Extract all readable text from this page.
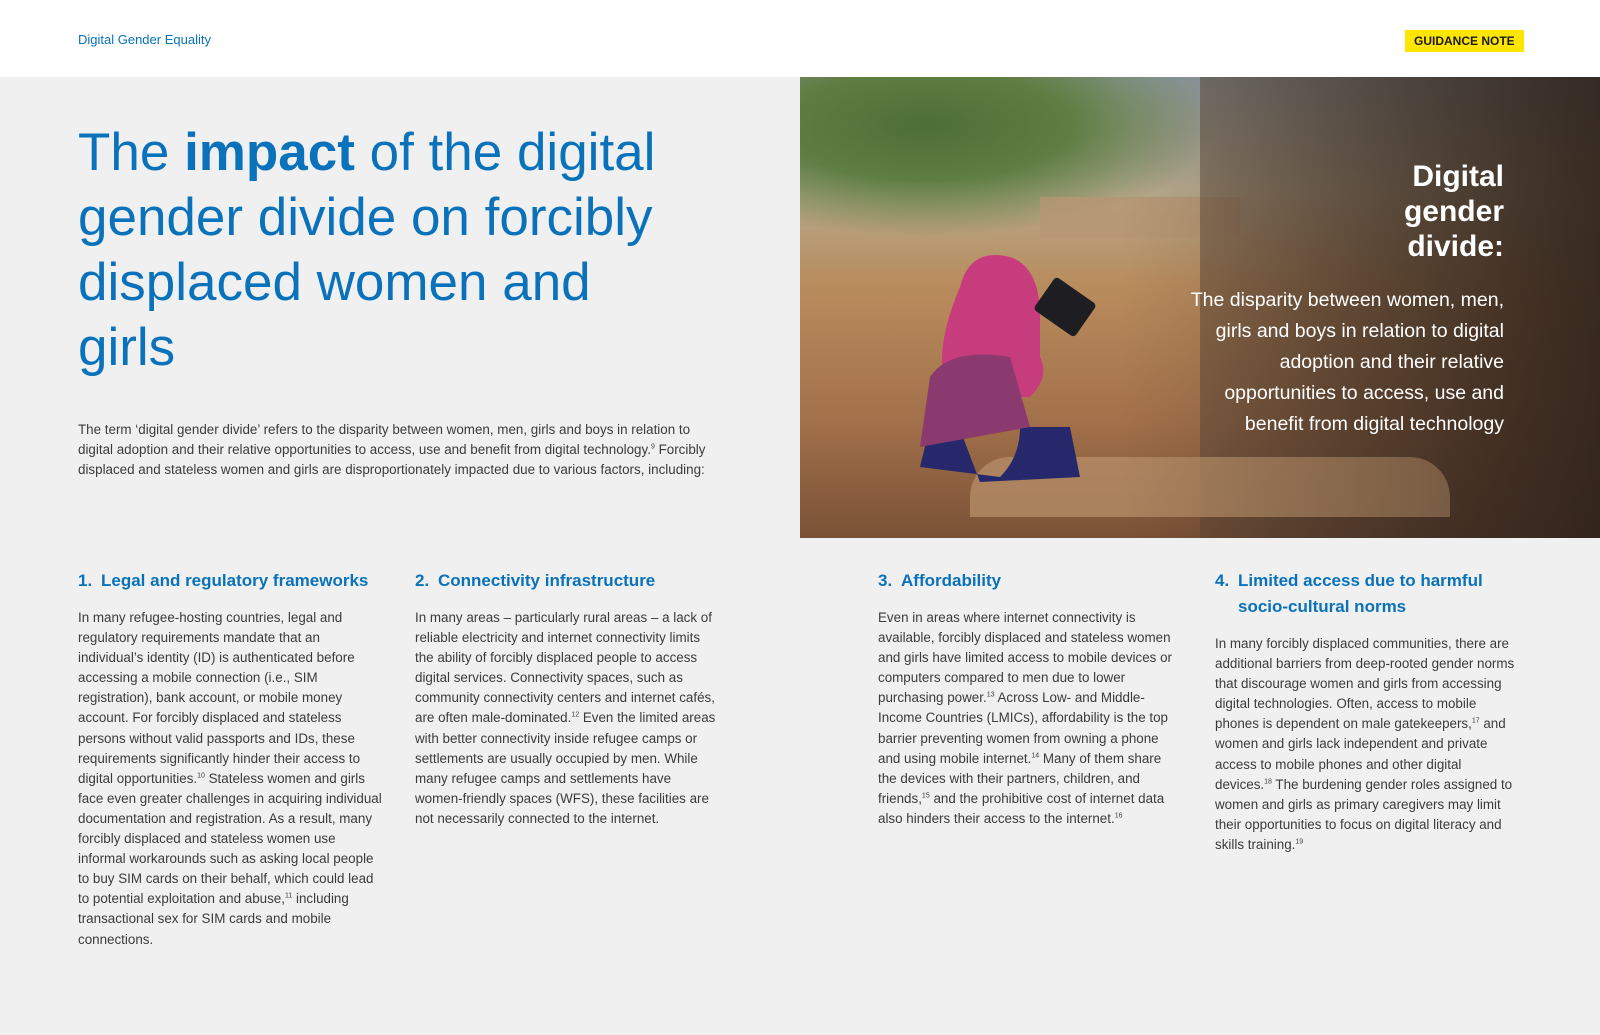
Digital Gender Equality	GUIDANCE NOTE
The impact of the digital gender divide on forcibly displaced women and girls

The term ‘digital gender divide’ refers to the disparity between women, men, girls and boys in relation to digital adoption and their relative opportunities to access, use and benefit from digital technology.$^9$ Forcibly displaced and stateless women and girls are disproportionately impacted due to various factors, including:

Digital gender divide:
The disparity between women, men, girls and boys in relation to digital adoption and their relative opportunities to access, use and benefit from digital technology
1. Legal and regulatory frameworks

In many refugee-hosting countries, legal and regulatory requirements mandate that an individual’s identity (ID) is authenticated before accessing a mobile connection (i.e., SIM registration), bank account, or mobile money account. For forcibly displaced and stateless persons without valid passports and IDs, these requirements significantly hinder their access to digital opportunities.$^{10}$ Stateless women and girls face even greater challenges in acquiring individual documentation and registration. As a result, many forcibly displaced and stateless women use informal workarounds such as asking local people to buy SIM cards on their behalf, which could lead to potential exploitation and abuse,$^{11}$ including transactional sex for SIM cards and mobile connections.

2. Connectivity infrastructure

In many areas – particularly rural areas – a lack of reliable electricity and internet connectivity limits the ability of forcibly displaced people to access digital services. Connectivity spaces, such as community connectivity centers and internet cafés, are often male-dominated.$^{12}$ Even the limited areas with better connectivity inside refugee camps or settlements are usually occupied by men. While many refugee camps and settlements have women-friendly spaces (WFS), these facilities are not necessarily connected to the internet.

3. Affordability

Even in areas where internet connectivity is available, forcibly displaced and stateless women and girls have limited access to mobile devices or computers compared to men due to lower purchasing power.$^{13}$ Across Low- and Middle-Income Countries (LMICs), affordability is the top barrier preventing women from owning a phone and using mobile internet.$^{14}$ Many of them share the devices with their partners, children, and friends,$^{15}$ and the prohibitive cost of internet data also hinders their access to the internet.$^{16}$

4. Limited access due to harmful socio-cultural norms

In many forcibly displaced communities, there are additional barriers from deep-rooted gender norms that discourage women and girls from accessing digital technologies. Often, access to mobile phones is dependent on male gatekeepers,$^{17}$ and women and girls lack independent and private access to mobile phones and other digital devices.$^{18}$ The burdening gender roles assigned to women and girls as primary caregivers may limit their opportunities to focus on digital literacy and skills training.$^{19}$
